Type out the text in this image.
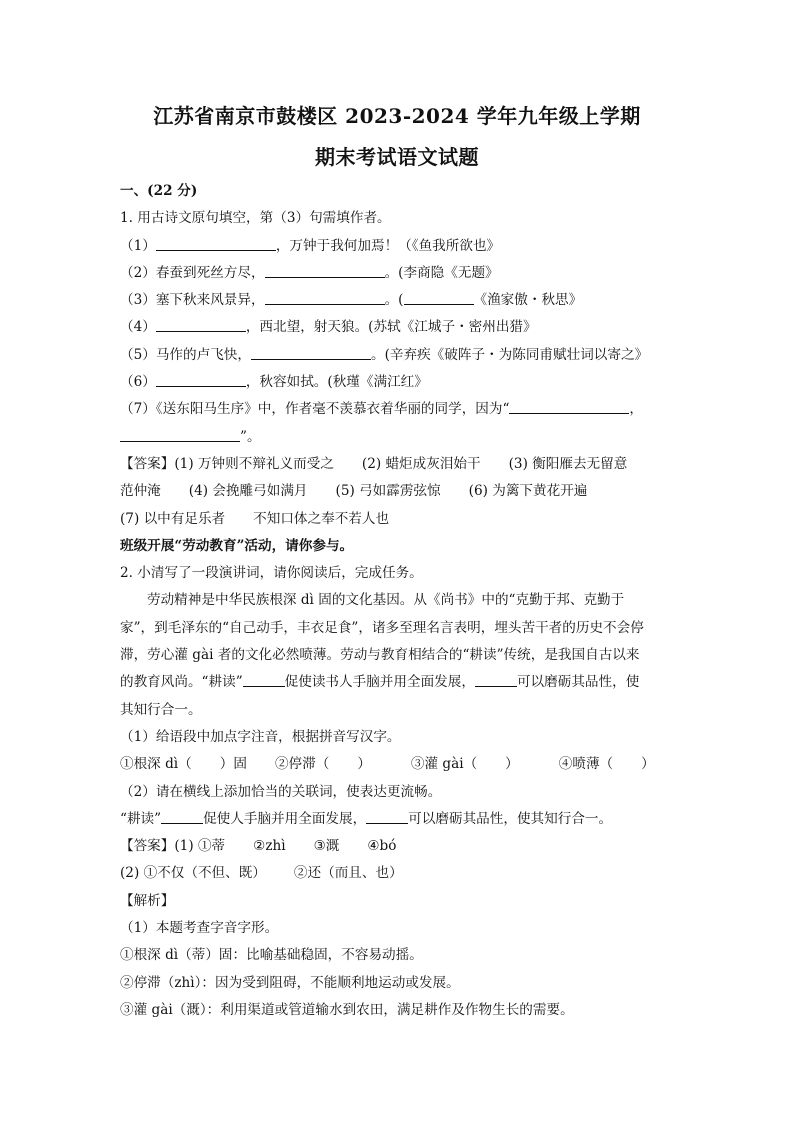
江苏省南京市鼓楼区 2023-2024 学年九年级上学期
期末考试语文试题
一、(22 分)
1. 用古诗文原句填空，第（3）句需填作者。
（1）	，万钟于我何加焉！（《鱼我所欲也》
（2）春蚕到死丝方尽，	。(李商隐《无题》
（3）塞下秋来风景异，	。(	《渔家傲・秋思》
（4）	，西北望，射天狼。(苏轼《江城子・密州出猎》
（5）马作的卢飞快，	。(辛弃疾《破阵子・为陈同甫赋壮词以寄之》
（6）	，秋容如拭。(秋瑾《满江红》
（7）《送东阳马生序》中，作者毫不羡慕衣着华丽的同学，因为“	，
”。
【答案】(1) 万钟则不辩礼义而受之 (2) 蜡炬成灰泪始干 (3) 衡阳雁去无留意
范仲淹 (4) 会挽雕弓如满月 (5) 弓如霹雳弦惊 (6) 为篱下黄花开遍
(7) 以中有足乐者 不知口体之奉不若人也
班级开展“劳动教育”活动，请你参与。
2. 小清写了一段演讲词，请你阅读后，完成任务。
劳动精神是中华民族根深 dì 固的文化基因。从《尚书》中的“克勤于邦、克勤于
家”，到毛泽东的“自己动手，丰衣足食”，诸多至理名言表明，埋头苦干者的历史不会停
滞，劳心灌 gài 者的文化必然喷薄。劳动与教育相结合的“耕读”传统，是我国自古以来
的教育风尚。“耕读”	促使读书人手脑并用全面发展，	可以磨砺其品性，使
其知行合一。
（1）给语段中加点字注音，根据拼音写汉字。
①根深 dì（ ）固 ②停滞（ ）	③灌 gài（ ）	④喷薄（ ）
（2）请在横线上添加恰当的关联词，使表达更流畅。
“耕读”	促使人手脑并用全面发展，	可以磨砺其品性，使其知行合一。
【答案】(1) ①蒂 ②zhì ③溉 ④bó
(2) ①不仅（不但、既） ②还（而且、也）
【解析】
（1）本题考查字音字形。
①根深 dì（蒂）固：比喻基础稳固，不容易动摇。
②停滞（zhì）：因为受到阻碍，不能顺利地运动或发展。
③灌 gài（溉）：利用渠道或管道输水到农田，满足耕作及作物生长的需要。
